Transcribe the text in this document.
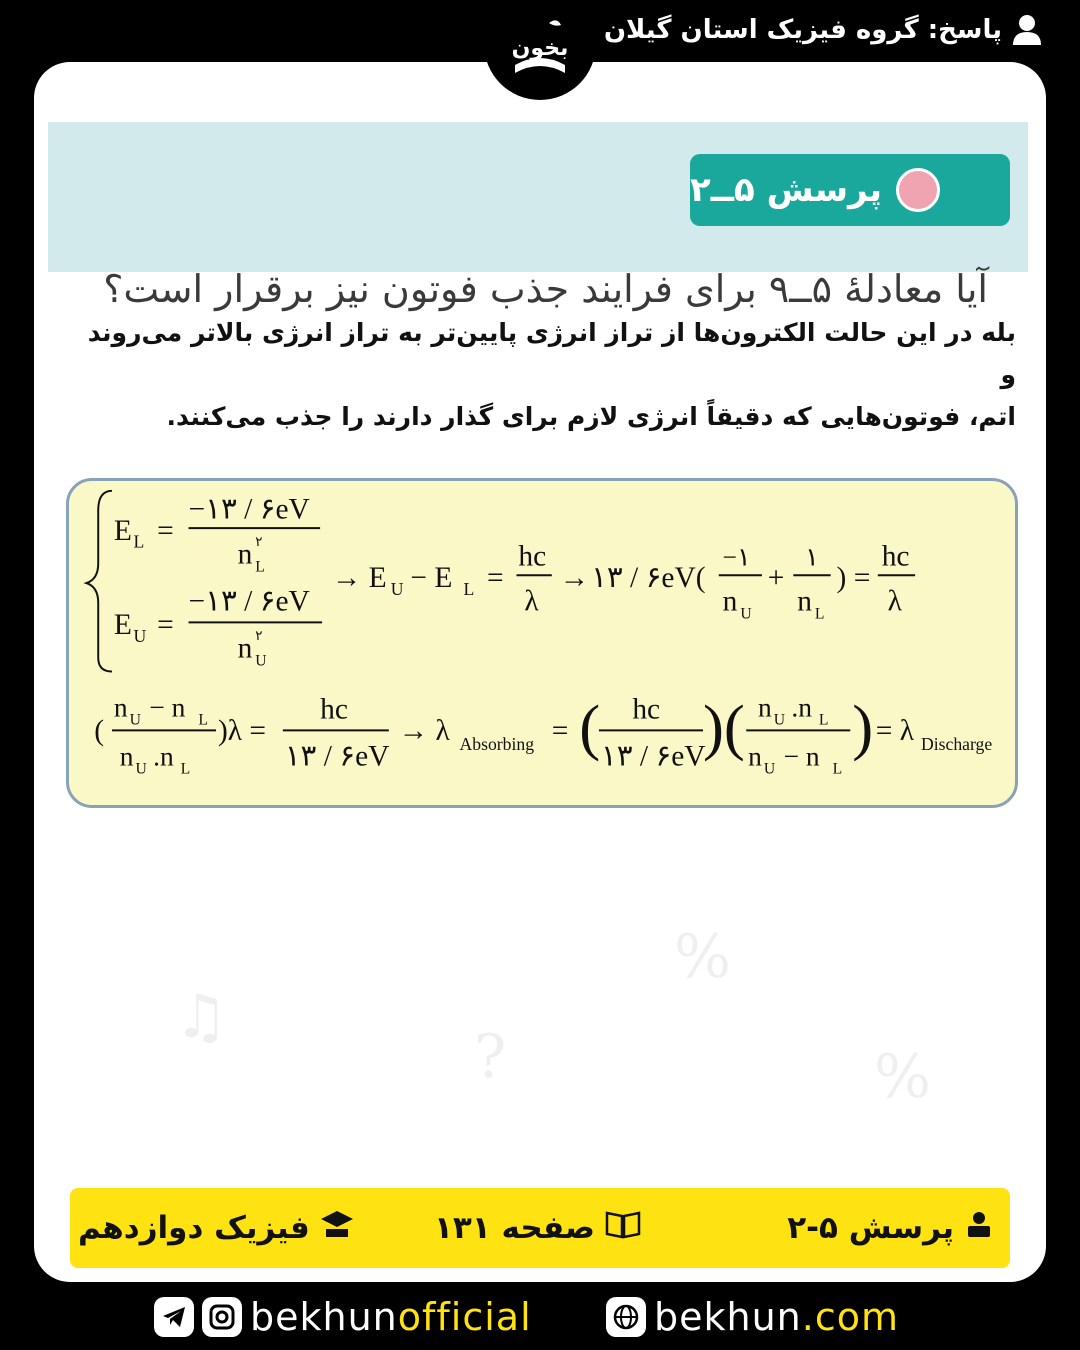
پاسخ: گروه فیزیک استان گیلان
%
♫
%
?
پرسش ۵ــ۲
آیا معادلهٔ ۵ــ۹ برای فرایند جذب فوتون نیز برقرار است؟
بله در این حالت الکترون‌ها از تراز انرژی پایین‌تر به تراز انرژی بالاتر می‌روند و
اتم، فوتون‌هایی که دقیقاً انرژی لازم برای گذار دارند را جذب می‌کنند.
E L =
−۱۳ / ۶eV
n ۲
L
E U =
−۱۳ / ۶eV
n ۲
U
→ E U − E L =
hc
λ
→ ۱۳ / ۶eV(
−۱
n U
+
۱
n L
) =
hc
λ
(
n U − n L
n U .n L
)λ =
hc
۱۳ / ۶eV
→ λ Absorbing = ( hc
۱۳ / ۶eV
)( n U .n L
n U − n L
) = λ Discharge
بخون
پرسش ۵-۲
صفحه ۱۳۱
فیزیک دوازدهم
bekhunofficial	bekhun.com
